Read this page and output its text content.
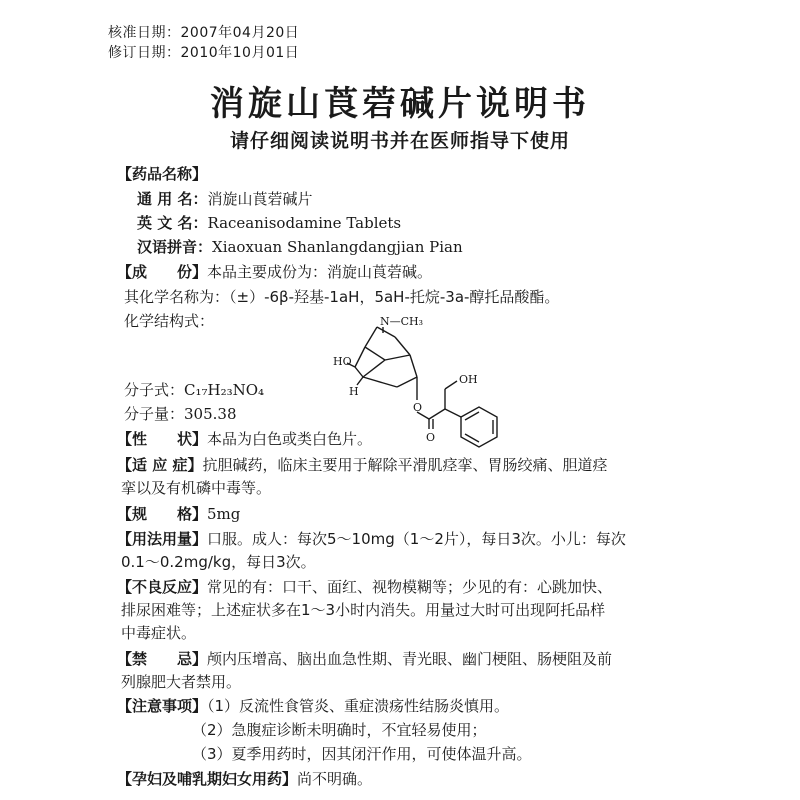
核准日期：2007年04月20日
修订日期：2010年10月01日
消旋山莨菪碱片说明书
请仔细阅读说明书并在医师指导下使用
【药品名称】
通 用 名：消旋山莨菪碱片
英 文 名：Raceanisodamine Tablets
汉语拼音：Xiaoxuan Shanlangdangjian Pian
【成　　份】本品主要成份为：消旋山莨菪碱。
其化学名称为：（±）-6β-羟基-1aH，5aH-托烷-3a-醇托品酸酯。
化学结构式：	N—CH₃
HO
H
OH
O
O
分子式：C₁₇H₂₃NO₄
分子量：305.38
【性　　状】本品为白色或类白色片。
【适 应 症】抗胆碱药，临床主要用于解除平滑肌痉挛、胃肠绞痛、胆道痉
挛以及有机磷中毒等。
【规　　格】5mg
【用法用量】口服。成人：每次5～10mg（1～2片），每日3次。小儿：每次
0.1～0.2mg/kg，每日3次。
【不良反应】常见的有：口干、面红、视物模糊等；少见的有：心跳加快、
排尿困难等；上述症状多在1～3小时内消失。用量过大时可出现阿托品样
中毒症状。
【禁　　忌】颅内压增高、脑出血急性期、青光眼、幽门梗阻、肠梗阻及前
列腺肥大者禁用。
【注意事项】（1）反流性食管炎、重症溃疡性结肠炎慎用。
（2）急腹症诊断未明确时，不宜轻易使用；
（3）夏季用药时，因其闭汗作用，可使体温升高。
【孕妇及哺乳期妇女用药】尚不明确。
